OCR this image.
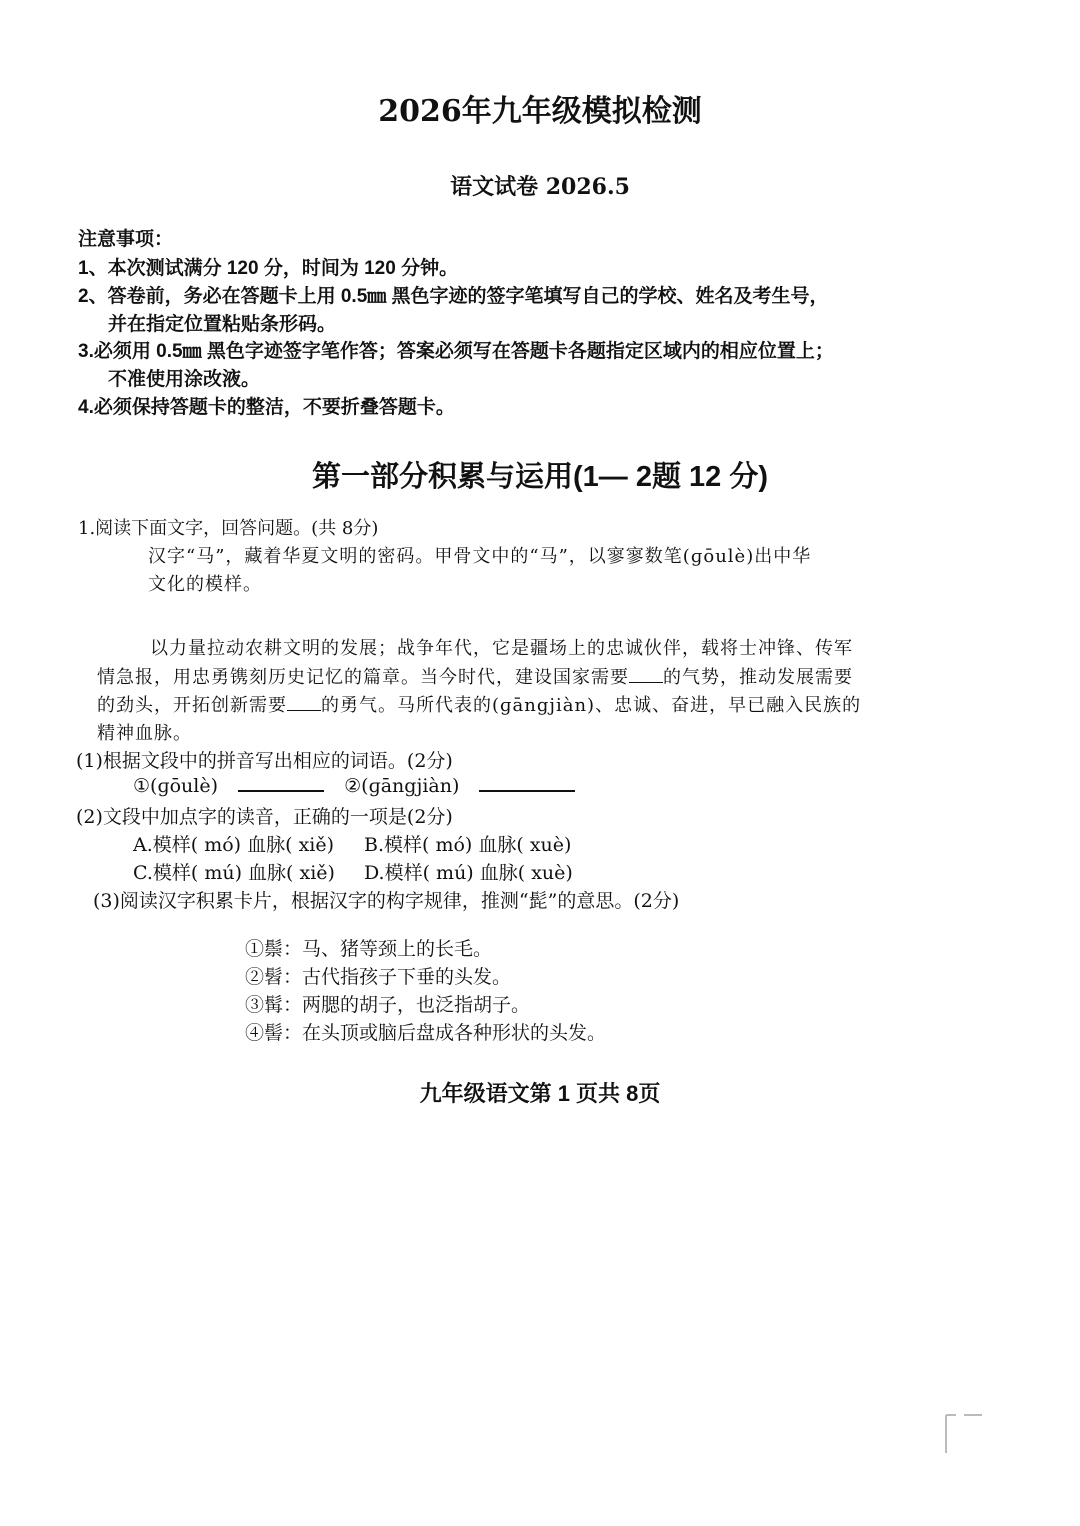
2026年九年级模拟检测
语文试卷 2026.5
注意事项：
1、本次测试满分 120 分，时间为 120 分钟。
2、答卷前，务必在答题卡上用 0.5㎜ 黑色字迹的签字笔填写自己的学校、姓名及考生号，
并在指定位置粘贴条形码。
3.必须用 0.5㎜ 黑色字迹签字笔作答；答案必须写在答题卡各题指定区域内的相应位置上；
不准使用涂改液。
4.必须保持答题卡的整洁，不要折叠答题卡。
第一部分积累与运用(1— 2题 12 分)
1.阅读下面文字，回答问题。(共 8分)
汉字“马”，藏着华夏文明的密码。甲骨文中的“马”，以寥寥数笔(ɡōulè)出中华
文化的模样。
以力量拉动农耕文明的发展；战争年代，它是疆场上的忠诚伙伴，载将士冲锋、传军
情急报，用忠勇镌刻历史记忆的篇章。当今时代，建设国家需要 的气势，推动发展需要
的劲头，开拓创新需要 的勇气。马所代表的(ɡāngjiàn)、忠诚、奋进，早已融入民族的
精神血脉。
(1)根据文段中的拼音写出相应的词语。(2分)
①(ɡōulè)	②(ɡāngjiàn)
(2)文段中加点字的读音，正确的一项是(2分)
A.模样( mó) 血脉( xiě) B.模样( mó) 血脉( xuè)
C.模样( mú) 血脉( xiě) D.模样( mú) 血脉( xuè)
(3)阅读汉字积累卡片，根据汉字的构字规律，推测“髭”的意思。(2分)
①鬃：马、猪等颈上的长毛。
②髫：古代指孩子下垂的头发。
③髯：两腮的胡子，也泛指胡子。
④髻：在头顶或脑后盘成各种形状的头发。
九年级语文第 1 页共 8页
